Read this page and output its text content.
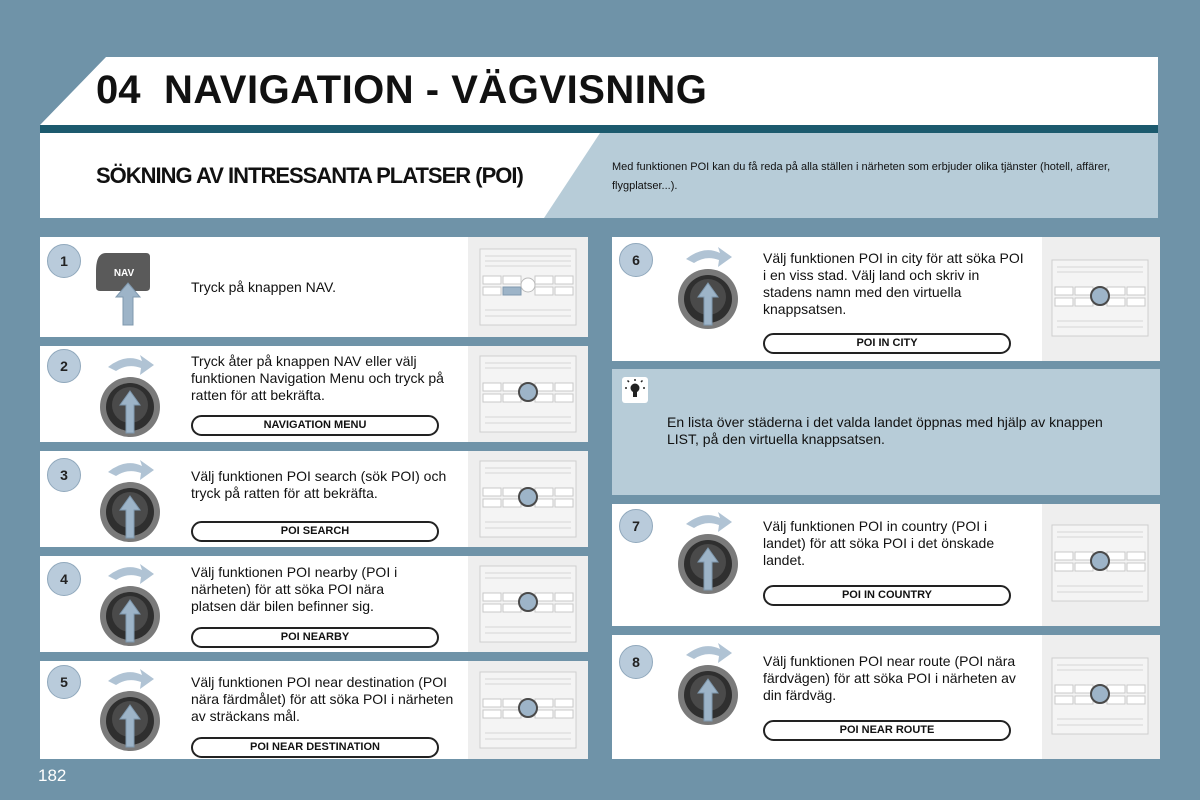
04 NAVIGATION - VÄGVISNING
SÖKNING AV INTRESSANTA PLATSER (POI)	Med funktionen POI kan du få reda på alla ställen i närheten som erbjuder olika tjänster (hotell, affärer, flygplatser...).
1
NAV
Tryck på knappen NAV.
2	Tryck åter på knappen NAV eller välj funktionen Navigation Menu och tryck på ratten för att bekräfta.
NAVIGATION MENU
3	Välj funktionen POI search (sök POI) och tryck på ratten för att bekräfta.
POI SEARCH
4	Välj funktionen POI nearby (POI i närheten) för att söka POI nära platsen där bilen befinner sig.
POI NEARBY
5	Välj funktionen POI near destination (POI nära färdmålet) för att söka POI i närheten av sträckans mål.
POI NEAR DESTINATION
6	Välj funktionen POI in city för att söka POI i en viss stad. Välj land och skriv in stadens namn med den virtuella knappsatsen.
POI IN CITY
En lista över städerna i det valda landet öppnas med hjälp av knappen LIST, på den virtuella knappsatsen.
7	Välj funktionen POI in country (POI i landet) för att söka POI i det önskade landet.
POI IN COUNTRY
8	Välj funktionen POI near route (POI nära färdvägen) för att söka POI i närheten av din färdväg.
POI NEAR ROUTE
182
